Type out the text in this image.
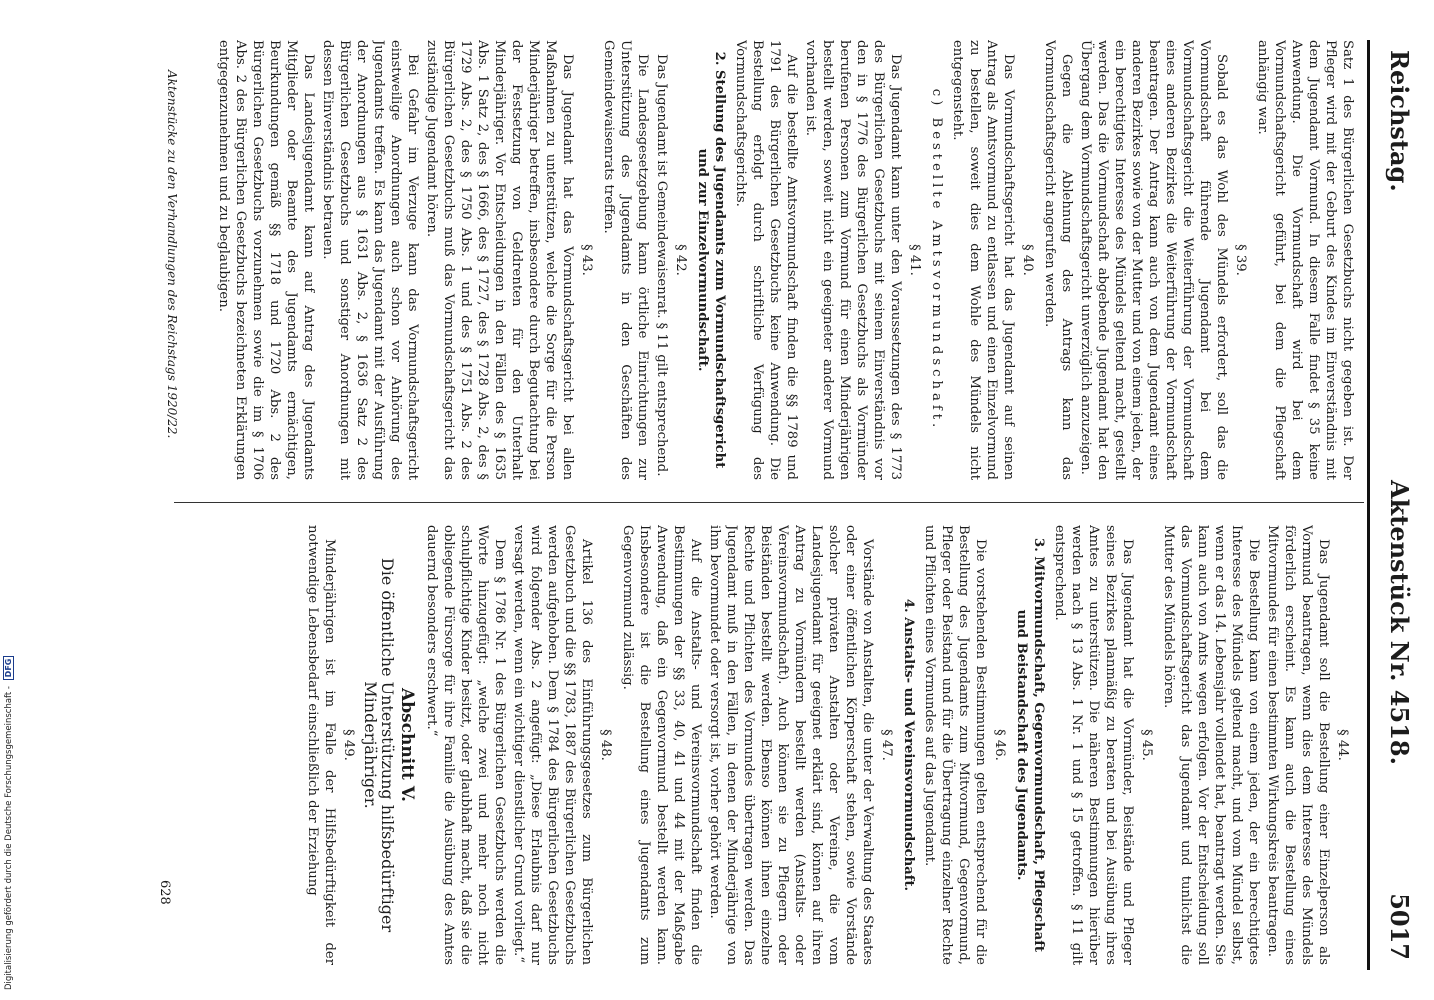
Reichstag.
Aktenstück Nr. 4518.
5017

Satz 1 des Bürgerlichen Gesetzbuchs nicht gegeben ist. Der Pfleger wird mit der Geburt des Kindes im Einverständnis mit dem Jugendamt Vormund. In diesem Falle findet § 35 keine Anwendung. Die Vormundschaft wird bei dem Vormundschaftsgericht geführt, bei dem die Pflegschaft anhängig war.

§ 39.

Sobald es das Wohl des Mündels erfordert, soll das die Vormundschaft führende Jugendamt bei dem Vormundschaftsgericht die Weiterführung der Vormundschaft eines anderen Bezirkes die Weiterführung der Vormundschaft beantragen. Der Antrag kann auch von dem Jugendamt eines anderen Bezirkes sowie von der Mutter und von einem jeden, der ein berechtigtes Interesse des Mündels geltend macht, gestellt werden. Das die Vormundschaft abgebende Jugendamt hat den Übergang dem Vormundschaftsgericht unverzüglich anzuzeigen.

Gegen die Ablehnung des Antrags kann das Vormundschaftsgericht angerufen werden.

§ 40.

Das Vormundschaftsgericht hat das Jugendamt auf seinen Antrag als Amtsvormund zu entlassen und einen Einzelvormund zu bestellen, soweit dies dem Wohle des Mündels nicht entgegensteht.

c) Bestellte Amtsvormundschaft.
§ 41.

Das Jugendamt kann unter den Voraussetzungen des § 1773 des Bürgerlichen Gesetzbuchs mit seinem Einverständnis vor den in § 1776 des Bürgerlichen Gesetzbuchs als Vormünder berufenen Personen zum Vormund für einen Minderjährigen bestellt werden, soweit nicht ein geeigneter anderer Vormund vorhanden ist.

Auf die bestellte Amtsvormundschaft finden die §§ 1789 und 1791 des Bürgerlichen Gesetzbuchs keine Anwendung. Die Bestellung erfolgt durch schriftliche Verfügung des Vormundschaftsgerichts.

2. Stellung des Jugendamts zum Vormundschaftsgericht und zur Einzelvormundschaft.
§ 42.

Das Jugendamt ist Gemeindewaisenrat. § 11 gilt entsprechend.

Die Landesgesetzgebung kann örtliche Einrichtungen zur Unterstützung des Jugendamts in den Geschäften des Gemeindewaisenrats treffen.

§ 43.

Das Jugendamt hat das Vormundschaftsgericht bei allen Maßnahmen zu unterstützen, welche die Sorge für die Person Minderjähriger betreffen, insbesondere durch Begutachtung bei der Festsetzung von Geldrenten für den Unterhalt Minderjähriger. Vor Entscheidungen in den Fällen des § 1635 Abs. 1 Satz 2, des § 1666, des § 1727, des § 1728 Abs. 2, des § 1729 Abs. 2, des § 1750 Abs. 1 und des § 1751 Abs. 2 des Bürgerlichen Gesetzbuchs muß das Vormundschaftsgericht das zuständige Jugendamt hören.

Bei Gefahr im Verzuge kann das Vormundschaftsgericht einstweilige Anordnungen auch schon vor Anhörung des Jugendamts treffen. Es kann das Jugendamt mit der Ausführung der Anordnungen aus § 1631 Abs. 2, § 1636 Satz 2 des Bürgerlichen Gesetzbuchs und sonstiger Anordnungen mit dessen Einverständnis betrauen.

Das Landesjugendamt kann auf Antrag des Jugendamts Mitglieder oder Beamte des Jugendamts ermächtigen, Beurkundungen gemäß §§ 1718 und 1720 Abs. 2 des Bürgerlichen Gesetzbuchs vorzunehmen sowie die im § 1706 Abs. 2 des Bürgerlichen Gesetzbuchs bezeichneten Erklärungen entgegenzunehmen und zu beglaubigen.

§ 44.

Das Jugendamt soll die Bestellung einer Einzelperson als Vormund beantragen, wenn dies dem Interesse des Mündels förderlich erscheint. Es kann auch die Bestellung eines Mitvormundes für einen bestimmten Wirkungskreis beantragen.

Die Bestellung kann von einem jeden, der ein berechtigtes Interesse des Mündels geltend macht, und vom Mündel selbst, wenn er das 14. Lebensjahr vollendet hat, beantragt werden. Sie kann auch von Amts wegen erfolgen. Vor der Entscheidung soll das Vormundschaftsgericht das Jugendamt und tunlichst die Mutter des Mündels hören.

§ 45.

Das Jugendamt hat die Vormünder, Beistände und Pfleger seines Bezirkes planmäßig zu beraten und bei Ausübung ihres Amtes zu unterstützen. Die näheren Bestimmungen hierüber werden nach § 13 Abs. 1 Nr. 1 und § 15 getroffen. § 11 gilt entsprechend.

3. Mitvormundschaft, Gegenvormundschaft, Pflegschaft und Beistandschaft des Jugendamts.
§ 46.

Die vorstehenden Bestimmungen gelten entsprechend für die Bestellung des Jugendamts zum Mitvormund, Gegenvormund, Pfleger oder Beistand und für die Übertragung einzelner Rechte und Pflichten eines Vormundes auf das Jugendamt.

4. Anstalts- und Vereinsvormundschaft.
§ 47.

Vorstände von Anstalten, die unter der Verwaltung des Staates oder einer öffentlichen Körperschaft stehen, sowie Vorstände solcher privaten Anstalten oder Vereine, die vom Landesjugendamt für geeignet erklärt sind, können auf ihren Antrag zu Vormündern bestellt werden (Anstalts- oder Vereinsvormundschaft). Auch können sie zu Pflegern oder Beiständen bestellt werden. Ebenso können ihnen einzelne Rechte und Pflichten des Vormundes übertragen werden. Das Jugendamt muß in den Fällen, in denen der Minderjährige von ihm bevormundet oder versorgt ist, vorher gehört werden.

Auf die Anstalts- und Vereinsvormundschaft finden die Bestimmungen der §§ 33, 40, 41 und 44 mit der Maßgabe Anwendung, daß ein Gegenvormund bestellt werden kann. Insbesondere ist die Bestellung eines Jugendamts zum Gegenvormund zulässig.

§ 48.

Artikel 136 des Einführungsgesetzes zum Bürgerlichen Gesetzbuch und die §§ 1783, 1887 des Bürgerlichen Gesetzbuchs werden aufgehoben. Dem § 1784 des Bürgerlichen Gesetzbuchs wird folgender Abs. 2 angefügt: „Diese Erlaubnis darf nur versagt werden, wenn ein wichtiger dienstlicher Grund vorliegt.“

Dem § 1786 Nr. 1 des Bürgerlichen Gesetzbuchs werden die Worte hinzugefügt: „welche zwei und mehr noch nicht schulpflichtige Kinder besitzt, oder glaubhaft macht, daß sie die obliegende Fürsorge für ihre Familie die Ausübung des Amtes dauernd besonders erschwert.“

Abschnitt V.
Die öffentliche Unterstützung hilfsbedürftiger Minderjähriger.
§ 49.

Minderjährigen ist im Falle der Hilfsbedürftigkeit der notwendige Lebensbedarf einschließlich der Erziehung

Aktenstücke zu den Verhandlungen des Reichstags 1920/22.
628
Digitalisierung gefördert durch die Deutsche Forschungsgemeinschaft - DFG
